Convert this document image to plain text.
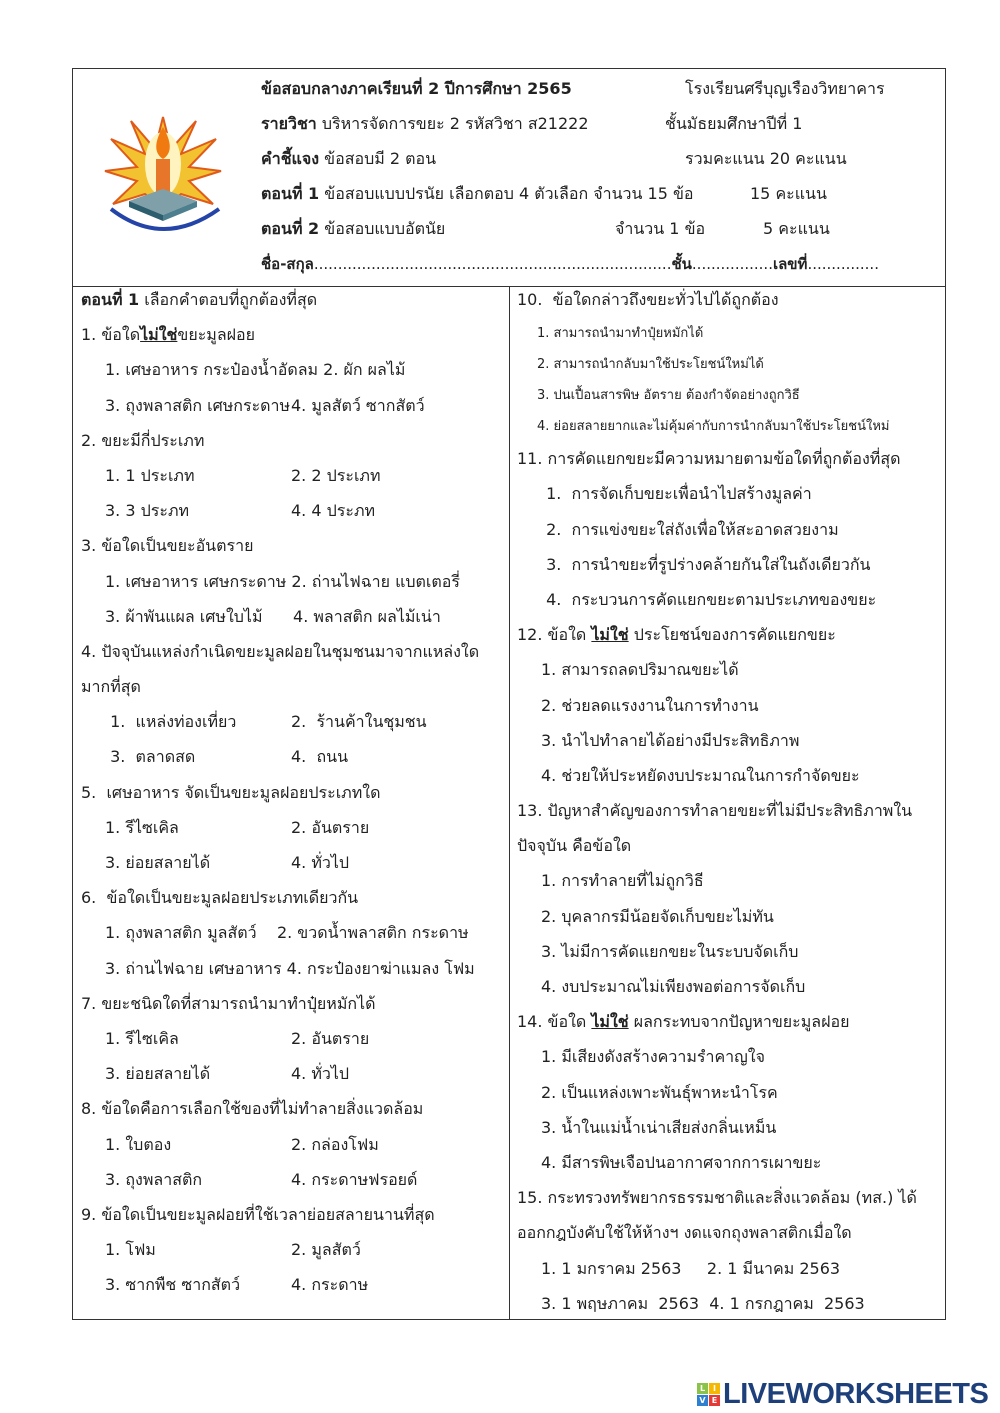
ข้อสอบกลางภาคเรียนที่ 2 ปีการศึกษา 2565	โรงเรียนศรีบุญเรืองวิทยาคาร
รายวิชา บริหารจัดการขยะ 2 รหัสวิชา ส21222	ชั้นมัธยมศึกษาปีที่ 1
คำชี้แจง ข้อสอบมี 2 ตอน	รวมคะแนน 20 คะแนน
ตอนที่ 1 ข้อสอบแบบปรนัย เลือกตอบ 4 ตัวเลือก จำนวน 15 ข้อ	15 คะแนน
ตอนที่ 2 ข้อสอบแบบอัตนัย	จำนวน 1 ข้อ	5 คะแนน
ชื่อ-สกุล...........................................................................ชั้น.................เลขที่...............
ตอนที่ 1 เลือกคำตอบที่ถูกต้องที่สุด
1. ข้อใดไม่ใช่ขยะมูลฝอย
1. เศษอาหาร กระป๋องน้ำอัดลม 2. ผัก ผลไม้
3. ถุงพลาสติก เศษกระดาษ 4. มูลสัตว์ ซากสัตว์
2. ขยะมีกี่ประเภท
1. 1 ประเภท	2. 2 ประเภท
3. 3 ประภท	4. 4 ประภท
3. ข้อใดเป็นขยะอันตราย
1. เศษอาหาร เศษกระดาษ 2. ถ่านไฟฉาย แบตเตอรี่
3. ผ้าพันแผล เศษใบไม้      4. พลาสติก ผลไม้เน่า
4. ปัจจุบันแหล่งกำเนิดขยะมูลฝอยในชุมชนมาจากแหล่งใด
มากที่สุด
1.  แหล่งท่องเที่ยว	2.  ร้านค้าในชุมชน
3.  ตลาดสด	4.  ถนน
5.  เศษอาหาร จัดเป็นขยะมูลฝอยประเภทใด
1. รีไซเคิล	2. อันตราย
3. ย่อยสลายได้	4. ทั่วไป
6.  ข้อใดเป็นขยะมูลฝอยประเภทเดียวกัน
1. ถุงพลาสติก มูลสัตว์    2. ขวดน้ำพลาสติก กระดาษ
3. ถ่านไฟฉาย เศษอาหาร 4. กระป๋องยาฆ่าแมลง โฟม
7. ขยะชนิดใดที่สามารถนำมาทำปุ๋ยหมักได้
1. รีไซเคิล	2. อันตราย
3. ย่อยสลายได้	4. ทั่วไป
8. ข้อใดคือการเลือกใช้ของที่ไม่ทำลายสิ่งแวดล้อม
1. ใบตอง	2. กล่องโฟม
3. ถุงพลาสติก	4. กระดาษฟรอยด์
9. ข้อใดเป็นขยะมูลฝอยที่ใช้เวลาย่อยสลายนานที่สุด
1. โฟม	2. มูลสัตว์
3. ซากพืช ซากสัตว์	4. กระดาษ
10.  ข้อใดกล่าวถึงขยะทั่วไปได้ถูกต้อง
1. สามารถนำมาทำปุ๋ยหมักได้
2. สามารถนำกลับมาใช้ประโยชน์ใหม่ได้
3. ปนเปื้อนสารพิษ อัตราย ต้องกำจัดอย่างถูกวิธี
4. ย่อยสลายยากและไม่คุ้มค่ากับการนำกลับมาใช้ประโยชน์ใหม่
11. การคัดแยกขยะมีความหมายตามข้อใดที่ถูกต้องที่สุด
1.  การจัดเก็บขยะเพื่อนำไปสร้างมูลค่า
2.  การแข่งขยะใส่ถังเพื่อให้สะอาดสวยงาม
3.  การนำขยะที่รูปร่างคล้ายกันใส่ในถังเดียวกัน
4.  กระบวนการคัดแยกขยะตามประเภทของขยะ
12. ข้อใด ไม่ใช่ ประโยชน์ของการคัดแยกขยะ
1. สามารถลดปริมาณขยะได้
2. ช่วยลดแรงงานในการทำงาน
3. นำไปทำลายได้อย่างมีประสิทธิภาพ
4. ช่วยให้ประหยัดงบประมาณในการกำจัดขยะ
13. ปัญหาสำคัญของการทำลายขยะที่ไม่มีประสิทธิภาพใน
ปัจจุบัน คือข้อใด
1. การทำลายที่ไม่ถูกวิธี
2. บุคลากรมีน้อยจัดเก็บขยะไม่ทัน
3. ไม่มีการคัดแยกขยะในระบบจัดเก็บ
4. งบประมาณไม่เพียงพอต่อการจัดเก็บ
14. ข้อใด ไม่ใช่ ผลกระทบจากปัญหาขยะมูลฝอย
1. มีเสียงดังสร้างความรำคาญใจ
2. เป็นแหล่งเพาะพันธุ์พาหะนำโรค
3. น้ำในแม่น้ำเน่าเสียส่งกลิ่นเหม็น
4. มีสารพิษเจือปนอากาศจากการเผาขยะ
15. กระทรวงทรัพยากรธรรมชาติและสิ่งแวดล้อม (ทส.) ได้
ออกกฎบังคับใช้ให้ห้างฯ งดแจกถุงพลาสติกเมื่อใด
1. 1 มกราคม 2563     2. 1 มีนาคม 2563
3. 1 พฤษภาคม  2563  4. 1 กรกฎาคม  2563
L I
V E LIVEWORKSHEETS
